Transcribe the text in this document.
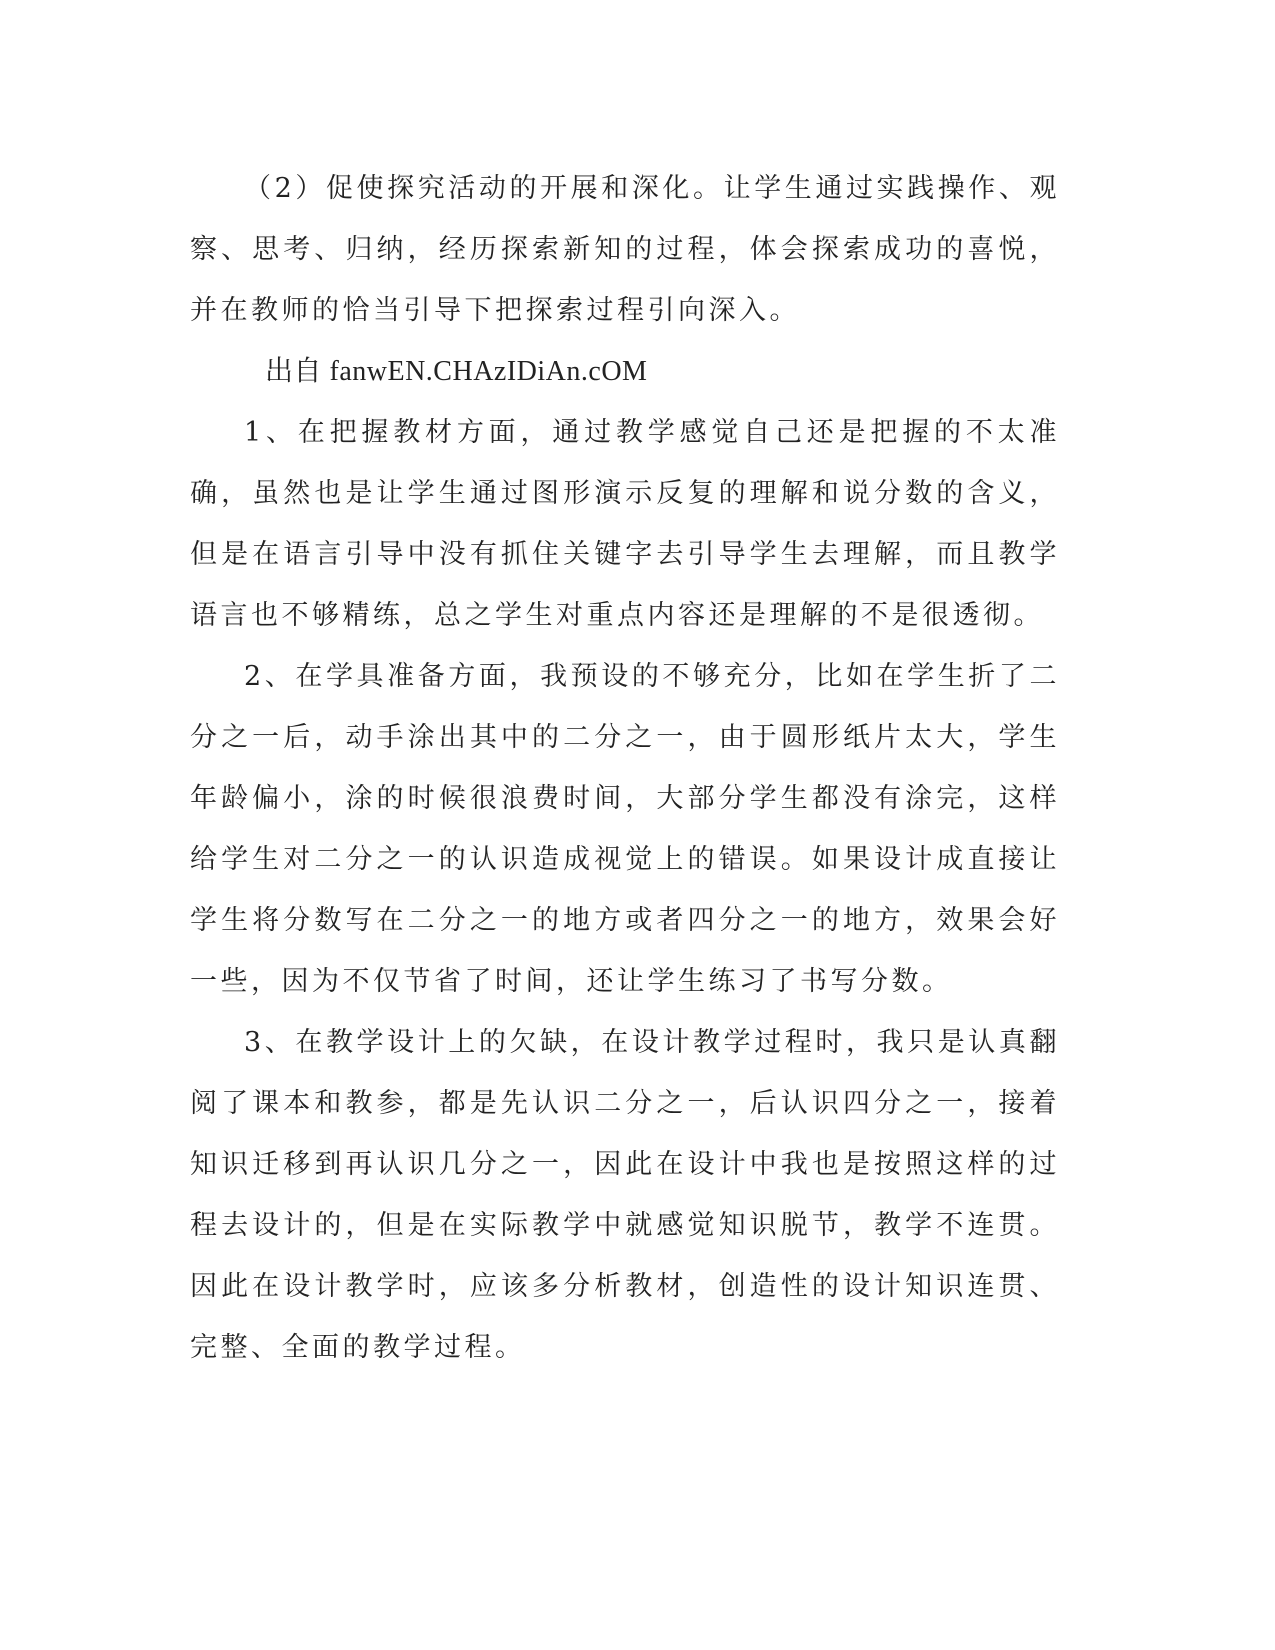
（2）促使探究活动的开展和深化。让学生通过实践操作、观察、思考、归纳，经历探索新知的过程，体会探索成功的喜悦，并在教师的恰当引导下把探索过程引向深入。

出自 fanwEN.CHAzIDiAn.cOM

1、在把握教材方面，通过教学感觉自己还是把握的不太准确，虽然也是让学生通过图形演示反复的理解和说分数的含义，但是在语言引导中没有抓住关键字去引导学生去理解，而且教学语言也不够精练，总之学生对重点内容还是理解的不是很透彻。

2、在学具准备方面，我预设的不够充分，比如在学生折了二分之一后，动手涂出其中的二分之一，由于圆形纸片太大，学生年龄偏小，涂的时候很浪费时间，大部分学生都没有涂完，这样给学生对二分之一的认识造成视觉上的错误。如果设计成直接让学生将分数写在二分之一的地方或者四分之一的地方，效果会好一些，因为不仅节省了时间，还让学生练习了书写分数。

3、在教学设计上的欠缺，在设计教学过程时，我只是认真翻阅了课本和教参，都是先认识二分之一，后认识四分之一，接着知识迁移到再认识几分之一，因此在设计中我也是按照这样的过程去设计的，但是在实际教学中就感觉知识脱节，教学不连贯。因此在设计教学时，应该多分析教材，创造性的设计知识连贯、完整、全面的教学过程。
